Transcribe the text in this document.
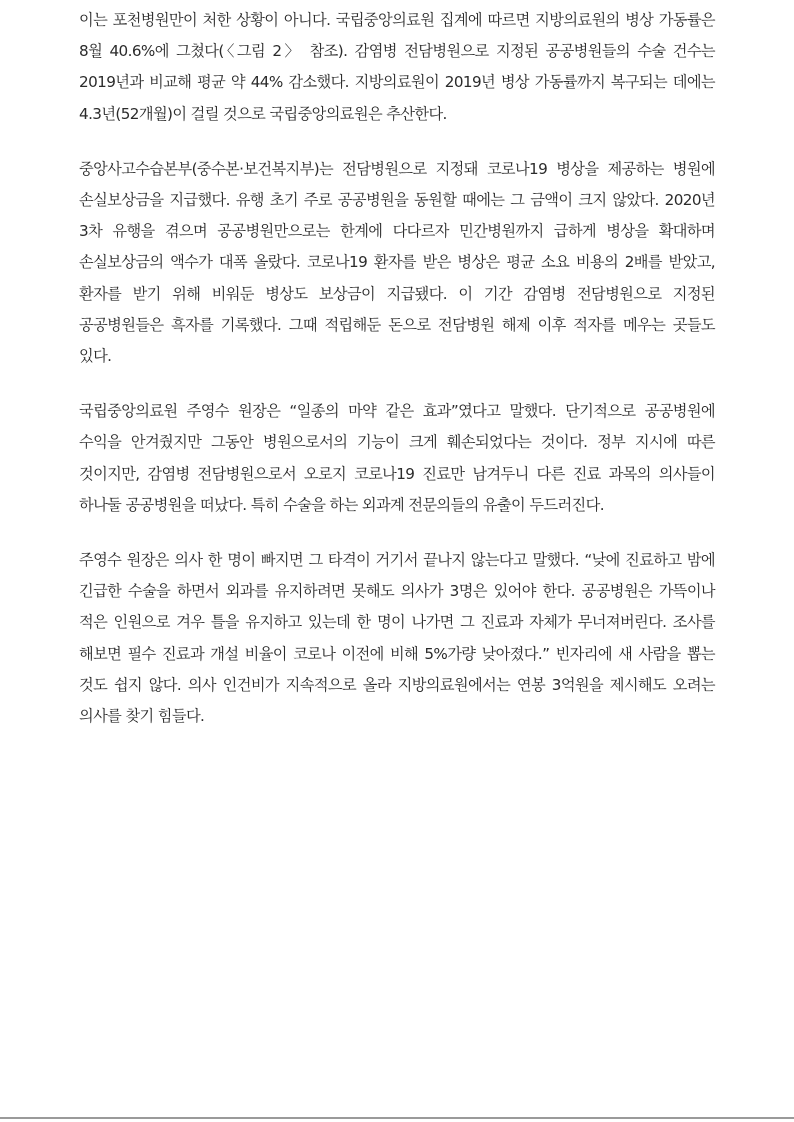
이는 포천병원만이 처한 상황이 아니다. 국립중앙의료원 집계에 따르면 지방의료원의 병상 가동률은 8월 40.6%에 그쳤다(〈그림 2〉 참조). 감염병 전담병원으로 지정된 공공병원들의 수술 건수는 2019년과 비교해 평균 약 44% 감소했다. 지방의료원이 2019년 병상 가동률까지 복구되는 데에는 4.3년(52개월)이 걸릴 것으로 국립중앙의료원은 추산한다.

중앙사고수습본부(중수본·보건복지부)는 전담병원으로 지정돼 코로나19 병상을 제공하는 병원에 손실보상금을 지급했다. 유행 초기 주로 공공병원을 동원할 때에는 그 금액이 크지 않았다. 2020년 3차 유행을 겪으며 공공병원만으로는 한계에 다다르자 민간병원까지 급하게 병상을 확대하며 손실보상금의 액수가 대폭 올랐다. 코로나19 환자를 받은 병상은 평균 소요 비용의 2배를 받았고, 환자를 받기 위해 비워둔 병상도 보상금이 지급됐다. 이 기간 감염병 전담병원으로 지정된 공공병원들은 흑자를 기록했다. 그때 적립해둔 돈으로 전담병원 해제 이후 적자를 메우는 곳들도 있다.

국립중앙의료원 주영수 원장은 “일종의 마약 같은 효과”였다고 말했다. 단기적으로 공공병원에 수익을 안겨줬지만 그동안 병원으로서의 기능이 크게 훼손되었다는 것이다. 정부 지시에 따른 것이지만, 감염병 전담병원으로서 오로지 코로나19 진료만 남겨두니 다른 진료 과목의 의사들이 하나둘 공공병원을 떠났다. 특히 수술을 하는 외과계 전문의들의 유출이 두드러진다.

주영수 원장은 의사 한 명이 빠지면 그 타격이 거기서 끝나지 않는다고 말했다. “낮에 진료하고 밤에 긴급한 수술을 하면서 외과를 유지하려면 못해도 의사가 3명은 있어야 한다. 공공병원은 가뜩이나 적은 인원으로 겨우 틀을 유지하고 있는데 한 명이 나가면 그 진료과 자체가 무너져버린다. 조사를 해보면 필수 진료과 개설 비율이 코로나 이전에 비해 5%가량 낮아졌다.” 빈자리에 새 사람을 뽑는 것도 쉽지 않다. 의사 인건비가 지속적으로 올라 지방의료원에서는 연봉 3억원을 제시해도 오려는 의사를 찾기 힘들다.
